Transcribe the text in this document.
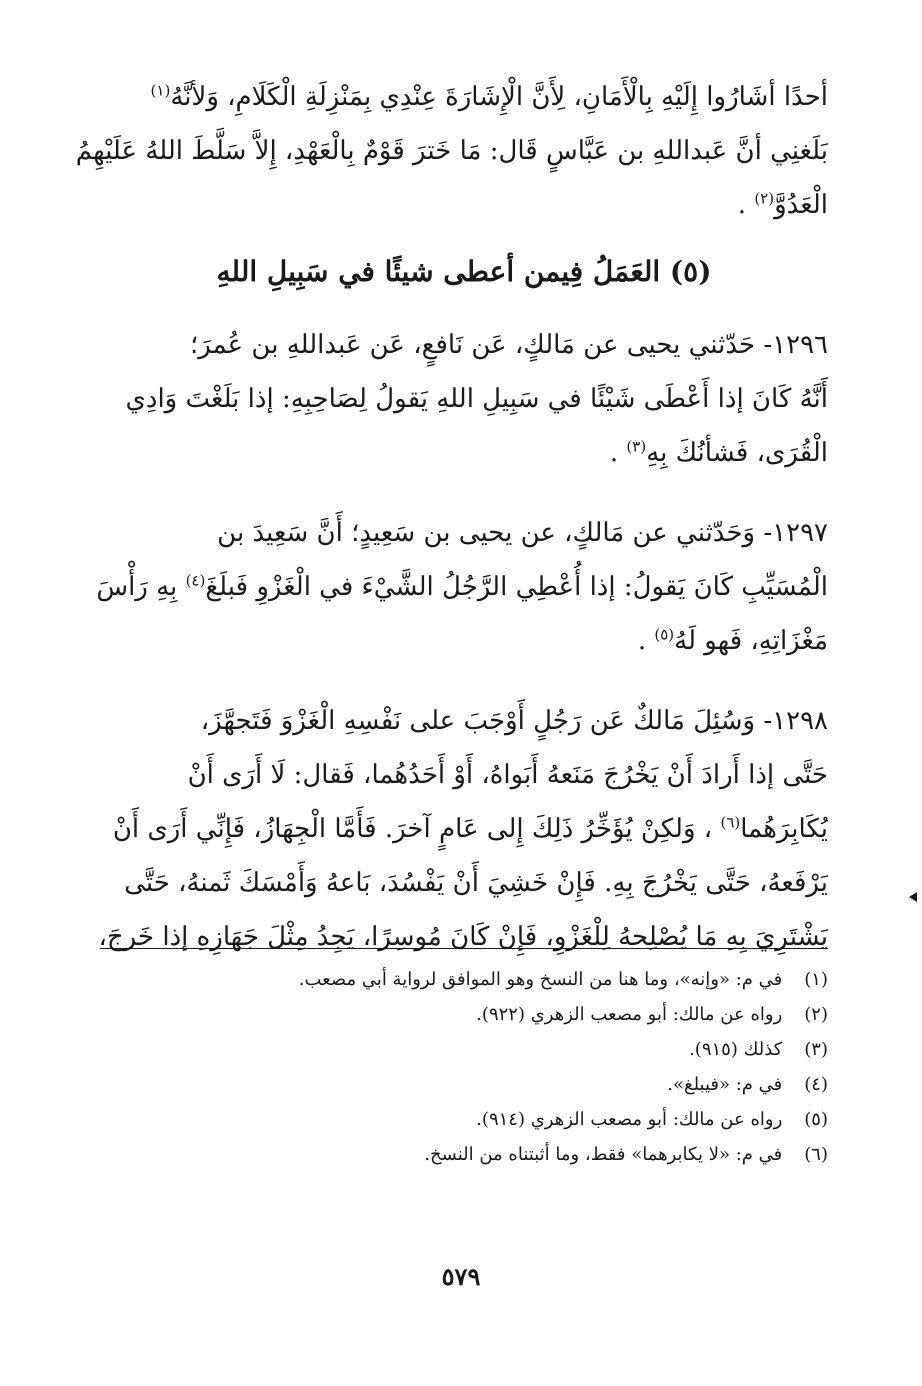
أحدًا أشَارُوا إِلَيْهِ بِالْأَمَانِ، لِأَنَّ الْإِشَارَةَ عِنْدِي بِمَنْزِلَةِ الْكَلَامِ، وَلأنَّهُ$^{(١)}$
بَلَغنِي أنَّ عَبداللهِ بن عَبَّاسٍ قَال: مَا خَترَ قَوْمٌ بِالْعَهْدِ، إِلاَّ سَلَّطَ اللهُ عَلَيْهِمُ
الْعَدُوَّ$^{(٢)}$ .
(٥) العَمَلُ فِيمن أعطى شيئًا في سَبِيلِ اللهِ
١٢٩٦- حَدّثني يحيى عن مَالكٍ، عَن نَافعٍ، عَن عَبداللهِ بن عُمرَ؛
أَنَّهُ كَانَ إذا أَعْطَى شَيْئًا في سَبِيلِ اللهِ يَقولُ لِصَاحِبِهِ: إذا بَلَغْتَ وَادِي
الْقُرَى، فَشأنُكَ بِهِ$^{(٣)}$ .
١٢٩٧- وَحَدّثني عن مَالكٍ، عن يحيى بن سَعِيدٍ؛ أَنَّ سَعِيدَ بن
الْمُسَيِّبِ كَانَ يَقولُ: إذا أُعْطِي الرَّجُلُ الشَّيْءَ في الْغَزْوِ فَبلَغَ$^{(٤)}$ بِهِ رَأْسَ
مَغْزَاتِهِ، فَهو لَهُ$^{(٥)}$ .
١٢٩٨- وَسُئِلَ مَالكٌ عَن رَجُلٍ أَوْجَبَ على نَفْسِهِ الْغَزْوَ فَتَجهَّزَ،
حَتَّى إذا أَرادَ أَنْ يَخْرُجَ مَنَعهُ أَبَواهُ، أَوْ أَحَدُهُما، فَقال: لَا أَرَى أَنْ
يُكَابِرَهُما$^{(٦)}$ ، وَلكِنْ يُؤَخِّرُ ذَلِكَ إِلى عَامٍ آخرَ. فَأَمَّا الْجِهَازُ، فَإِنِّي أَرَى أَنْ
يَرْفَعهُ، حَتَّى يَخْرُجَ بِهِ. فَإِنْ خَشِيَ أَنْ يَفْسُدَ، بَاعهُ وَأَمْسَكَ ثَمنهُ، حَتَّى
يَشْتَرِيَ بِهِ مَا يُصْلِحهُ لِلْغَزْوِ، فَإِنْ كَانَ مُوسِرًا، يَجِدُ مِثْلَ جَهَازِهِ إذا خَرجَ،
(١) في م: «وإنه»، وما هنا من النسخ وهو الموافق لرواية أبي مصعب.
(٢) رواه عن مالك: أبو مصعب الزهري (٩٢٢).
(٣) كذلك (٩١٥).
(٤) في م: «فيبلغ».
(٥) رواه عن مالك: أبو مصعب الزهري (٩١٤).
(٦) في م: «لا يكابرهما» فقط، وما أثبتناه من النسخ.
٥٧٩
